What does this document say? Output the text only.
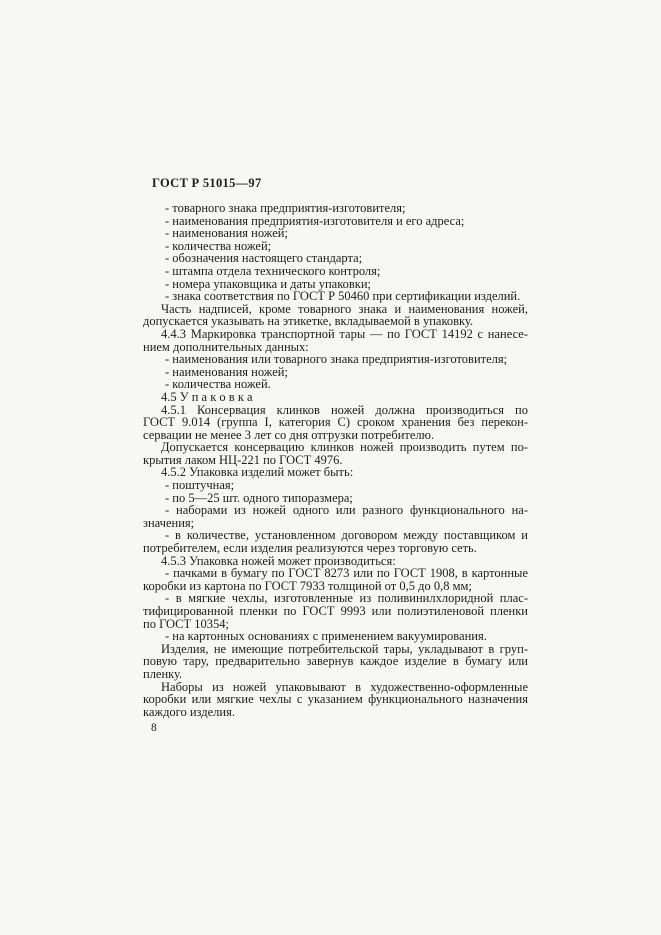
ГОСТ Р 51015—97
- товарного знака предприятия-изготовителя;
- наименования предприятия-изготовителя и его адреса;
- наименования ножей;
- количества ножей;
- обозначения настоящего стандарта;
- штампа отдела технического контроля;
- номера упаковщика и даты упаковки;
- знака соответствия по ГОСТ Р 50460 при сертификации изделий.
Часть надписей, кроме товарного знака и наименования ножей,
допускается указывать на этикетке, вкладываемой в упаковку.
4.4.3 Маркировка транспортной тары — по ГОСТ 14192 с нанесе-
нием дополнительных данных:
- наименования или товарного знака предприятия-изготовителя;
- наименования ножей;
- количества ножей.
4.5 У п а к о в к а
4.5.1 Консервация клинков ножей должна производиться по
ГОСТ 9.014 (группа I, категория С) сроком хранения без перекон-
сервации не менее 3 лет со дня отгрузки потребителю.
Допускается консервацию клинков ножей производить путем по-
крытия лаком НЦ-221 по ГОСТ 4976.
4.5.2 Упаковка изделий может быть:
- поштучная;
- по 5—25 шт. одного типоразмера;
- наборами из ножей одного или разного функционального на-
значения;
- в количестве, установленном договором между поставщиком и
потребителем, если изделия реализуются через торговую сеть.
4.5.3 Упаковка ножей может производиться:
- пачками в бумагу по ГОСТ 8273 или по ГОСТ 1908, в картонные
коробки из картона по ГОСТ 7933 толщиной от 0,5 до 0,8 мм;
- в мягкие чехлы, изготовленные из поливинилхлоридной плас-
тифицированной пленки по ГОСТ 9993 или полиэтиленовой пленки
по ГОСТ 10354;
- на картонных основаниях с применением вакуумирования.
Изделия, не имеющие потребительской тары, укладывают в груп-
повую тару, предварительно завернув каждое изделие в бумагу или
пленку.
Наборы из ножей упаковывают в художественно-оформленные
коробки или мягкие чехлы с указанием функционального назначения
каждого изделия.
8
